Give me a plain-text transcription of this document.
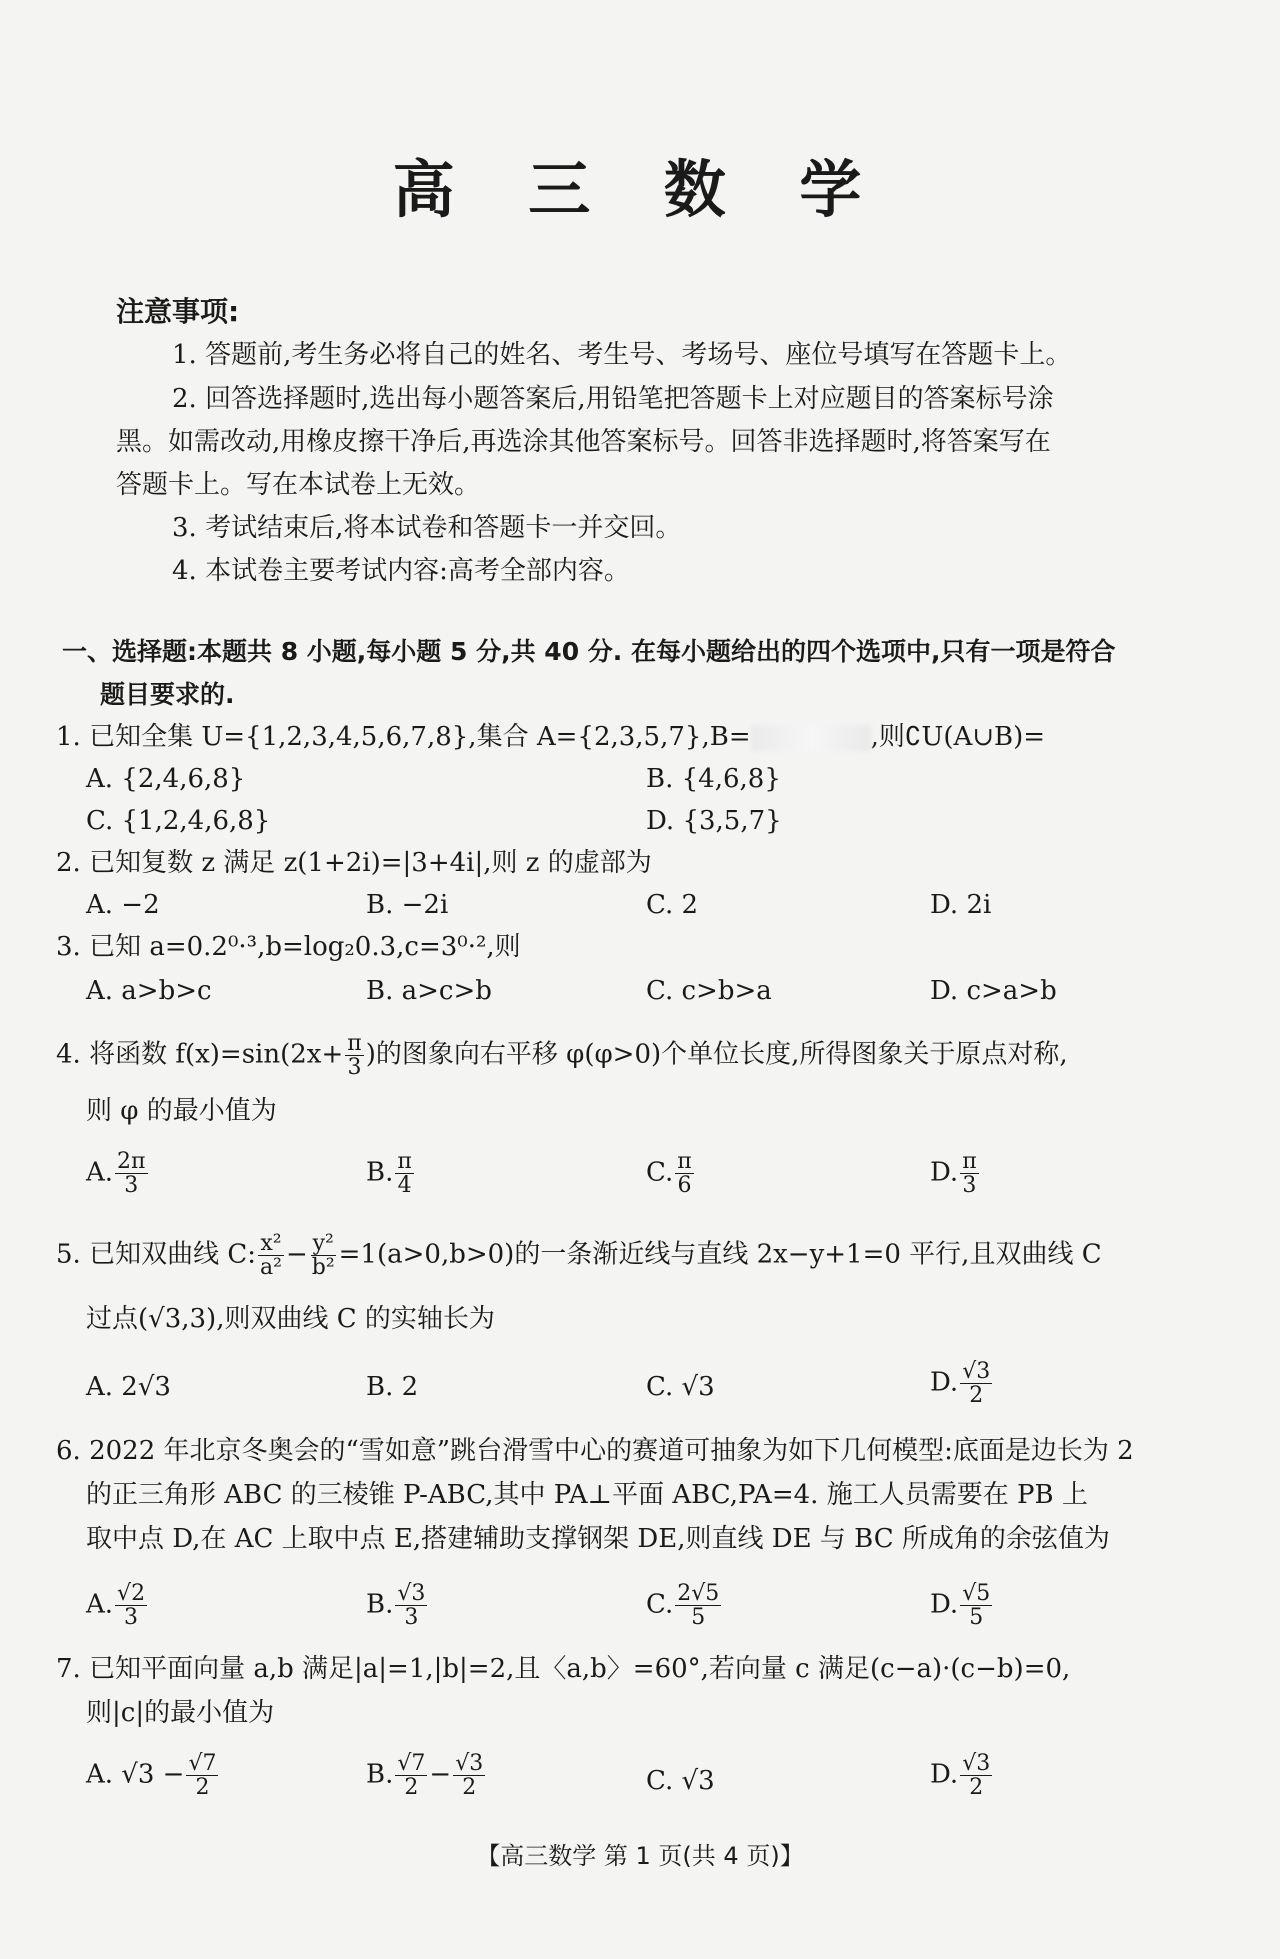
高 三 数 学
注意事项:
1. 答题前,考生务必将自己的姓名、考生号、考场号、座位号填写在答题卡上。
2. 回答选择题时,选出每小题答案后,用铅笔把答题卡上对应题目的答案标号涂
黑。如需改动,用橡皮擦干净后,再选涂其他答案标号。回答非选择题时,将答案写在
答题卡上。写在本试卷上无效。
3. 考试结束后,将本试卷和答题卡一并交回。
4. 本试卷主要考试内容:高考全部内容。
一、选择题:本题共 8 小题,每小题 5 分,共 40 分. 在每小题给出的四个选项中,只有一项是符合
题目要求的.
1. 已知全集 U={1,2,3,4,5,6,7,8},集合 A={2,3,5,7},B=	,则∁U(A∪B)=
A. {2,4,6,8}	B. {4,6,8}
C. {1,2,4,6,8}	D. {3,5,7}
2. 已知复数 z 满足 z(1+2i)=|3+4i|,则 z 的虚部为
A. −2	B. −2i	C. 2	D. 2i
3. 已知 a=0.2⁰·³,b=log₂0.3,c=3⁰·²,则
A. a>b>c	B. a>c>b	C. c>b>a	D. c>a>b
4. 将函数 $f(x)=\sin(2x+ \frac{\pi}{3}$ )的图象向右平移 φ(φ>0)个单位长度,所得图象关于原点对称,
则 φ 的最小值为
A. $\frac{2\pi}{3}$	B. $\frac{\pi}{4}$	C. $\frac{\pi}{6}$	D. $\frac{\pi}{3}$
5. 已知双曲线 C: $\frac{\text{x²}}{\text{a²}} - \frac{\text{y²}}{\text{b²}} =1(a>0,b>0)$的一条渐近线与直线 2x−y+1=0 平行,且双曲线 C
过点(√3,3),则双曲线 C 的实轴长为
A. 2√3	B. 2	C. √3	D. $\frac{√3}{2}$
6. 2022 年北京冬奥会的“雪如意”跳台滑雪中心的赛道可抽象为如下几何模型:底面是边长为 2
的正三角形 ABC 的三棱锥 P-ABC,其中 PA⊥平面 ABC,PA=4. 施工人员需要在 PB 上
取中点 D,在 AC 上取中点 E,搭建辅助支撑钢架 DE,则直线 DE 与 BC 所成角的余弦值为
A. $\frac{√2}{3}$	B. $\frac{√3}{3}$	C. $\frac{2√5}{5}$	D. $\frac{√5}{5}$
7. 已知平面向量 a,b 满足|a|=1,|b|=2,且〈a,b〉=60°,若向量 c 满足(c−a)·(c−b)=0,
则|c|的最小值为
A. $√3 - \frac{√7}{2}$	B. $\frac{√7}{2} - \frac{√3}{2}$	C. √3	D. $\frac{√3}{2}$
【高三数学 第 1 页(共 4 页)】
